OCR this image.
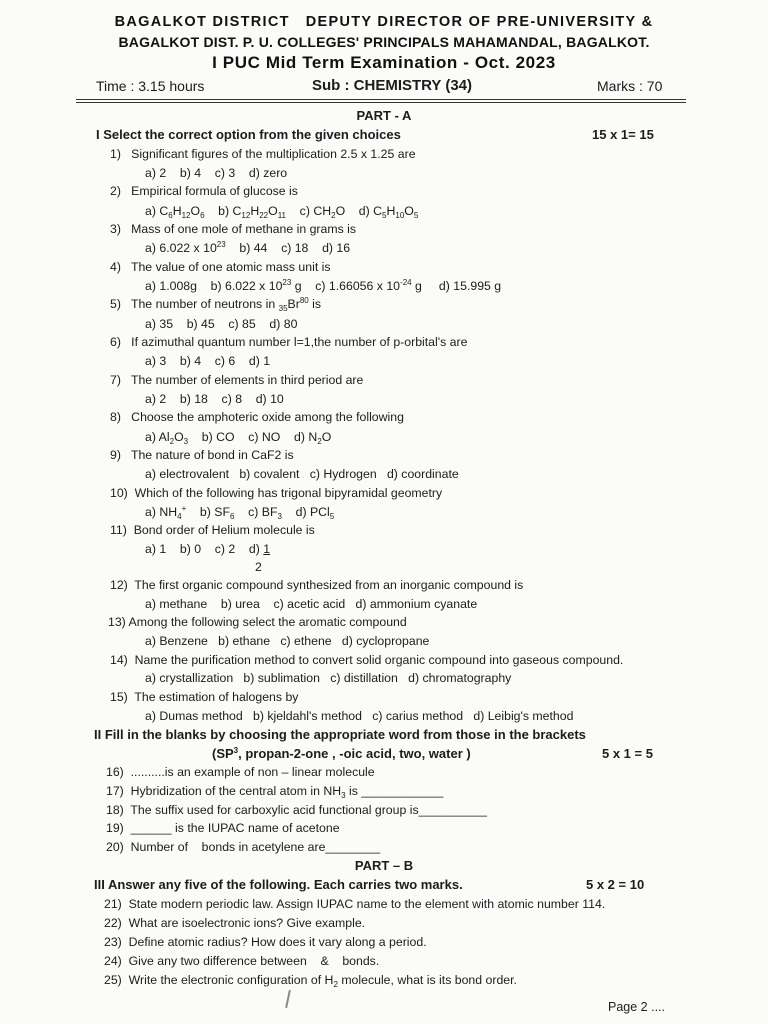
BAGALKOT DISTRICT   DEPUTY DIRECTOR OF PRE-UNIVERSITY &
BAGALKOT DIST. P. U. COLLEGES' PRINCIPALS MAHAMANDAL, BAGALKOT.
I PUC Mid Term Examination - Oct. 2023
Time : 3.15 hours	Sub : CHEMISTRY (34)	Marks : 70
PART - A
I Select the correct option from the given choices	15 x 1= 15
1)   Significant figures of the multiplication 2.5 x 1.25 are
a) 2    b) 4    c) 3    d) zero
2)   Empirical formula of glucose is
a) $C_6H_{12}O_6$    b) $C_{12}H_{22}O_{11}$    c) $CH_2O$    d) $C_5H_{10}O_5$
3)   Mass of one mole of methane in grams is
a) 6.022 x $10^{23}$    b) 44    c) 18    d) 16
4)   The value of one atomic mass unit is
a) 1.008g    b) 6.022 x $10^{23}$ g    c) 1.66056 x $10^{-24}$ g     d) 15.995 g
5)   The number of neutrons in $_{35}Br^{80}$ is
a) 35    b) 45    c) 85    d) 80
6)   If azimuthal quantum number l=1,the number of p-orbital's are
a) 3    b) 4    c) 6    d) 1
7)   The number of elements in third period are
a) 2    b) 18    c) 8    d) 10
8)   Choose the amphoteric oxide among the following
a) $Al_2O_3$    b) CO    c) NO    d) $N_2O$
9)   The nature of bond in CaF2 is
a) electrovalent   b) covalent   c) Hydrogen   d) coordinate
10)  Which of the following has trigonal bipyramidal geometry
a) $NH_4^+$    b) $SF_6$    c) $BF_3$    d) PCl$_5$
11)  Bond order of Helium molecule is
a) 1    b) 0    c) 2    d) 1
2
12)  The first organic compound synthesized from an inorganic compound is
a) methane    b) urea    c) acetic acid   d) ammonium cyanate
13) Among the following select the aromatic compound
a) Benzene   b) ethane   c) ethene   d) cyclopropane
14)  Name the purification method to convert solid organic compound into gaseous compound.
a) crystallization   b) sublimation   c) distillation   d) chromatography
15)  The estimation of halogens by
a) Dumas method   b) kjeldahl's method   c) carius method   d) Leibig's method
II Fill in the blanks by choosing the appropriate word from those in the brackets
($SP^3$, propan-2-one , -oic acid, two, water )	5 x 1 = 5
16)  ..........is an example of non – linear molecule
17)  Hybridization of the central atom in $NH_3$ is ____________
18)  The suffix used for carboxylic acid functional group is__________
19)  ______ is the IUPAC name of acetone
20)  Number of    bonds in acetylene are________
PART – B
III Answer any five of the following. Each carries two marks.	5 x 2 = 10
21)  State modern periodic law. Assign IUPAC name to the element with atomic number 114.
22)  What are isoelectronic ions? Give example.
23)  Define atomic radius? How does it vary along a period.
24)  Give any two difference between    &    bonds.
25)  Write the electronic configuration of $H_2$ molecule, what is its bond order.
Page 2 ....
